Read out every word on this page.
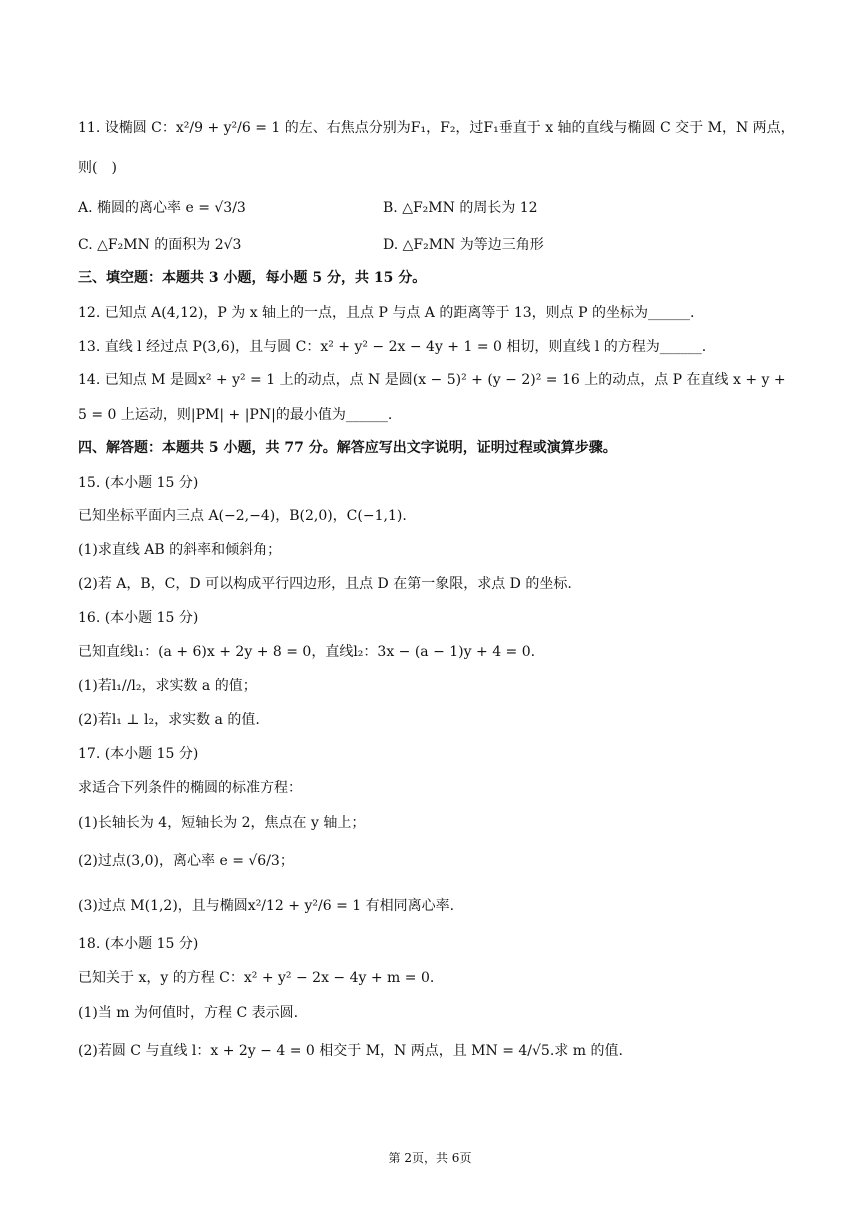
11. 设椭圆 C：x²/9 + y²/6 = 1 的左、右焦点分别为F₁，F₂，过F₁垂直于 x 轴的直线与椭圆 C 交于 M，N 两点，
则(　)
A. 椭圆的离心率 e = √3/3	B. △F₂MN 的周长为 12
C. △F₂MN 的面积为 2√3	D. △F₂MN 为等边三角形
三、填空题：本题共 3 小题，每小题 5 分，共 15 分。
12. 已知点 A(4,12)，P 为 x 轴上的一点，且点 P 与点 A 的距离等于 13，则点 P 的坐标为______.
13. 直线 l 经过点 P(3,6)，且与圆 C：x² + y² − 2x − 4y + 1 = 0 相切，则直线 l 的方程为______.
14. 已知点 M 是圆x² + y² = 1 上的动点，点 N 是圆(x − 5)² + (y − 2)² = 16 上的动点，点 P 在直线 x + y +
5 = 0 上运动，则|PM| + |PN|的最小值为______.
四、解答题：本题共 5 小题，共 77 分。解答应写出文字说明，证明过程或演算步骤。
15. (本小题 15 分)
已知坐标平面内三点 A(−2,−4)，B(2,0)，C(−1,1).
(1)求直线 AB 的斜率和倾斜角；
(2)若 A，B，C，D 可以构成平行四边形，且点 D 在第一象限，求点 D 的坐标.
16. (本小题 15 分)
已知直线l₁：(a + 6)x + 2y + 8 = 0，直线l₂：3x − (a − 1)y + 4 = 0.
(1)若l₁//l₂，求实数 a 的值；
(2)若l₁ ⊥ l₂，求实数 a 的值.
17. (本小题 15 分)
求适合下列条件的椭圆的标准方程：
(1)长轴长为 4，短轴长为 2，焦点在 y 轴上；
(2)过点(3,0)，离心率 e = √6/3；
(3)过点 M(1,2)，且与椭圆x²/12 + y²/6 = 1 有相同离心率.
18. (本小题 15 分)
已知关于 x，y 的方程 C：x² + y² − 2x − 4y + m = 0.
(1)当 m 为何值时，方程 C 表示圆.
(2)若圆 C 与直线 l：x + 2y − 4 = 0 相交于 M，N 两点，且 MN = 4/√5.求 m 的值.
第 2页，共 6页
